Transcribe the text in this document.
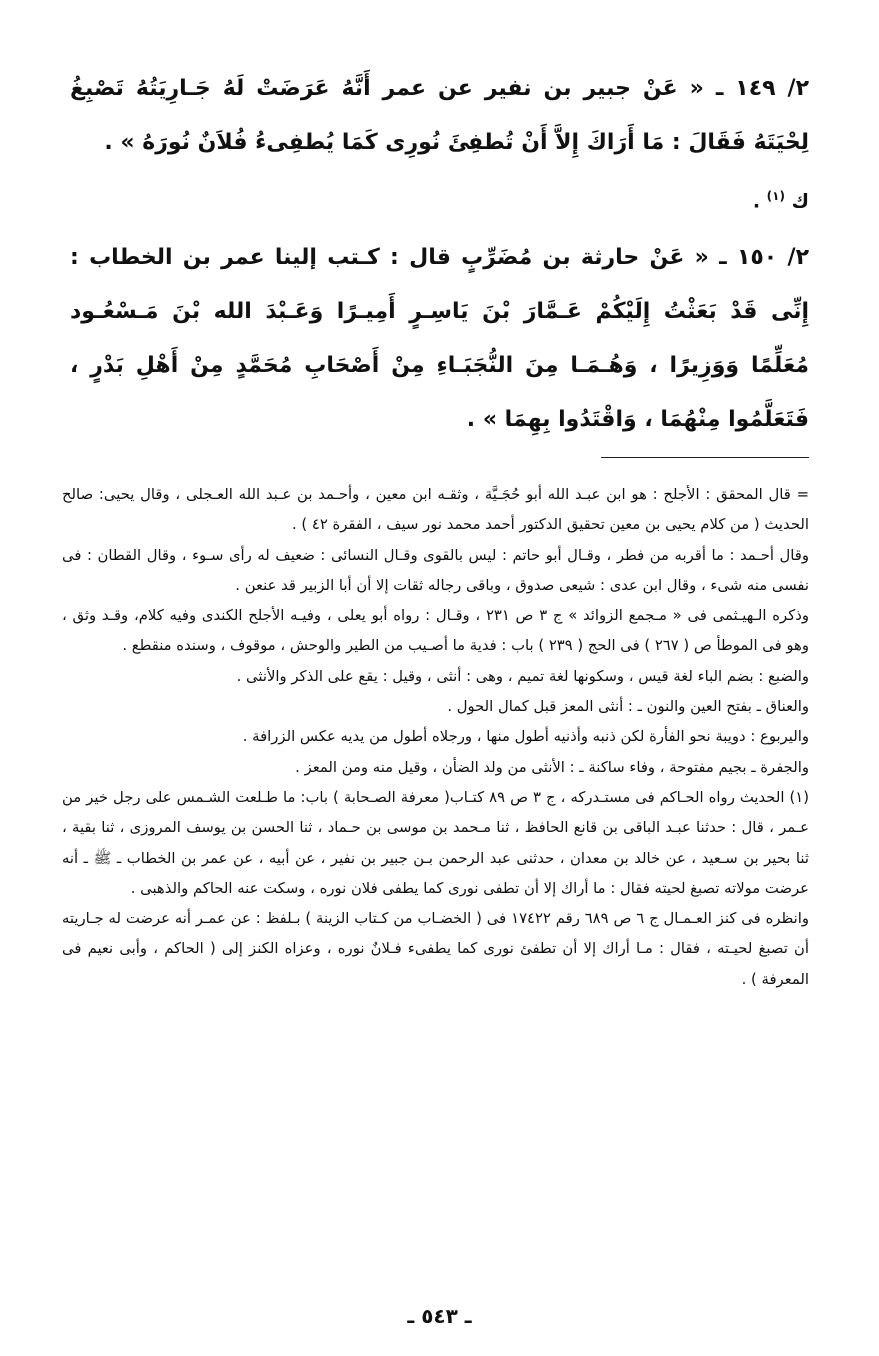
٢/ ١٤٩ ـ « عَنْ جبير بن نفير عن عمر أَنَّهُ عَرَضَتْ لَهُ جَـارِيَتُهُ تَصْبِغُ لِحْيَتَهُ فَقَالَ : مَا أَرَاكَ إِلاَّ أَنْ تُطفِئَ نُورِى كَمَا يُطفِىءُ فُلاَنٌ نُورَهُ » .

ك $^{(١)}$ .

٢/ ١٥٠ ـ « عَنْ حارثة بن مُضَرِّبٍ قال : كـتب إلينا عمر بن الخطاب : إِنِّى قَدْ بَعَثْتُ إِلَيْكُمْ عَـمَّارَ بْنَ يَاسِـرٍ أَمِيـرًا وَعَـبْدَ الله بْنَ مَـسْعُـود مُعَلِّمًا وَوَزِيرًا ، وَهُـمَـا مِنَ النُّجَبَـاءِ مِنْ أَصْحَابِ مُحَمَّدٍ مِنْ أَهْلِ بَدْرٍ ، فَتَعَلَّمُوا مِنْهُمَا ، وَاقْتَدُوا بِهِمَا » .

= قال المحقق : الأجلح : هو ابن عبـد الله أبو حُجَـيَّة ، وثقـه ابن معين ، وأحـمد بن عـبد الله العـجلى ، وقال يحيى: صالح الحديث ( من كلام يحيى بن معين تحقيق الدكتور أحمد محمد نور سيف ، الفقرة ٤٢ ) .

وقال أحـمد : ما أقربه من فطر ، وقـال أبو حاتم : ليس بالقوى وقـال النسائى : ضعيف له رأى سـوء ، وقال القطان : فى نفسى منه شىء ، وقال ابن عدى : شيعى صدوق ، وباقى رجاله ثقات إلا أن أبا الزبير قد عنعن .

وذكره الـهيـثمى فى « مـجمع الزوائد » ج ٣ ص ٢٣١ ، وقـال : رواه أبو يعلى ، وفيـه الأجلح الكندى وفيه كلام، وقـد وثق ، وهو فى الموطأ ص ( ٢٦٧ ) فى الحج ( ٢٣٩ ) باب : فدية ما أصـيب من الطير والوحش ، موقوف ، وسنده منقطع .

والضبع : بضم الباء لغة قيس ، وسكونها لغة تميم ، وهى : أنثى ، وقيل : يقع على الذكر والأنثى .

والعناق ـ بفتح العين والنون ـ : أنثى المعز قبل كمال الحول .

واليربوع : دويبة نحو الفأرة لكن ذنبه وأذنيه أطول منها ، ورجلاه أطول من يديه عكس الزرافة .

والجفرة ـ بجيم مفتوحة ، وفاء ساكنة ـ : الأنثى من ولد الضأن ، وقيل منه ومن المعز .

(١) الحديث رواه الحـاكم فى مستـدركه ، ج ٣ ص ٨٩ كتـاب( معرفة الصـحابة ) باب: ما طـلعت الشـمس على رجل خير من عـمر ، قال : حدثنا عبـد الباقى بن قانع الحافظ ، ثنا مـحمد بن موسى بن حـماد ، ثنا الحسن بن يوسف المروزى ، ثنا بقية ، ثنا بحير بن سـعيد ، عن خالد بن معدان ، حدثنى عبد الرحمن بـن جبير بن نفير ، عن أبيه ، عن عمر بن الخطاب ـ ﷺ ـ أنه عرضت مولاته تصبغ لحيته فقال : ما أراك إلا أن تطفى نورى كما يطفى فلان نوره ، وسكت عنه الحاكم والذهبى .

وانظره فى كنز العـمـال ج ٦ ص ٦٨٩ رقم ١٧٤٢٢ فى ( الخضـاب من كـتاب الزينة ) بـلفظ : عن عمـر أنه عرضت له جـاريته أن تصبغ لحيـته ، فقال : مـا أراك إلا أن تطفئ نورى كما يطفىء فـلانٌ نوره ، وعزاه الكنز إلى ( الحاكم ، وأبى نعيم فى المعرفة ) .

ـ ٥٤٣ ـ
